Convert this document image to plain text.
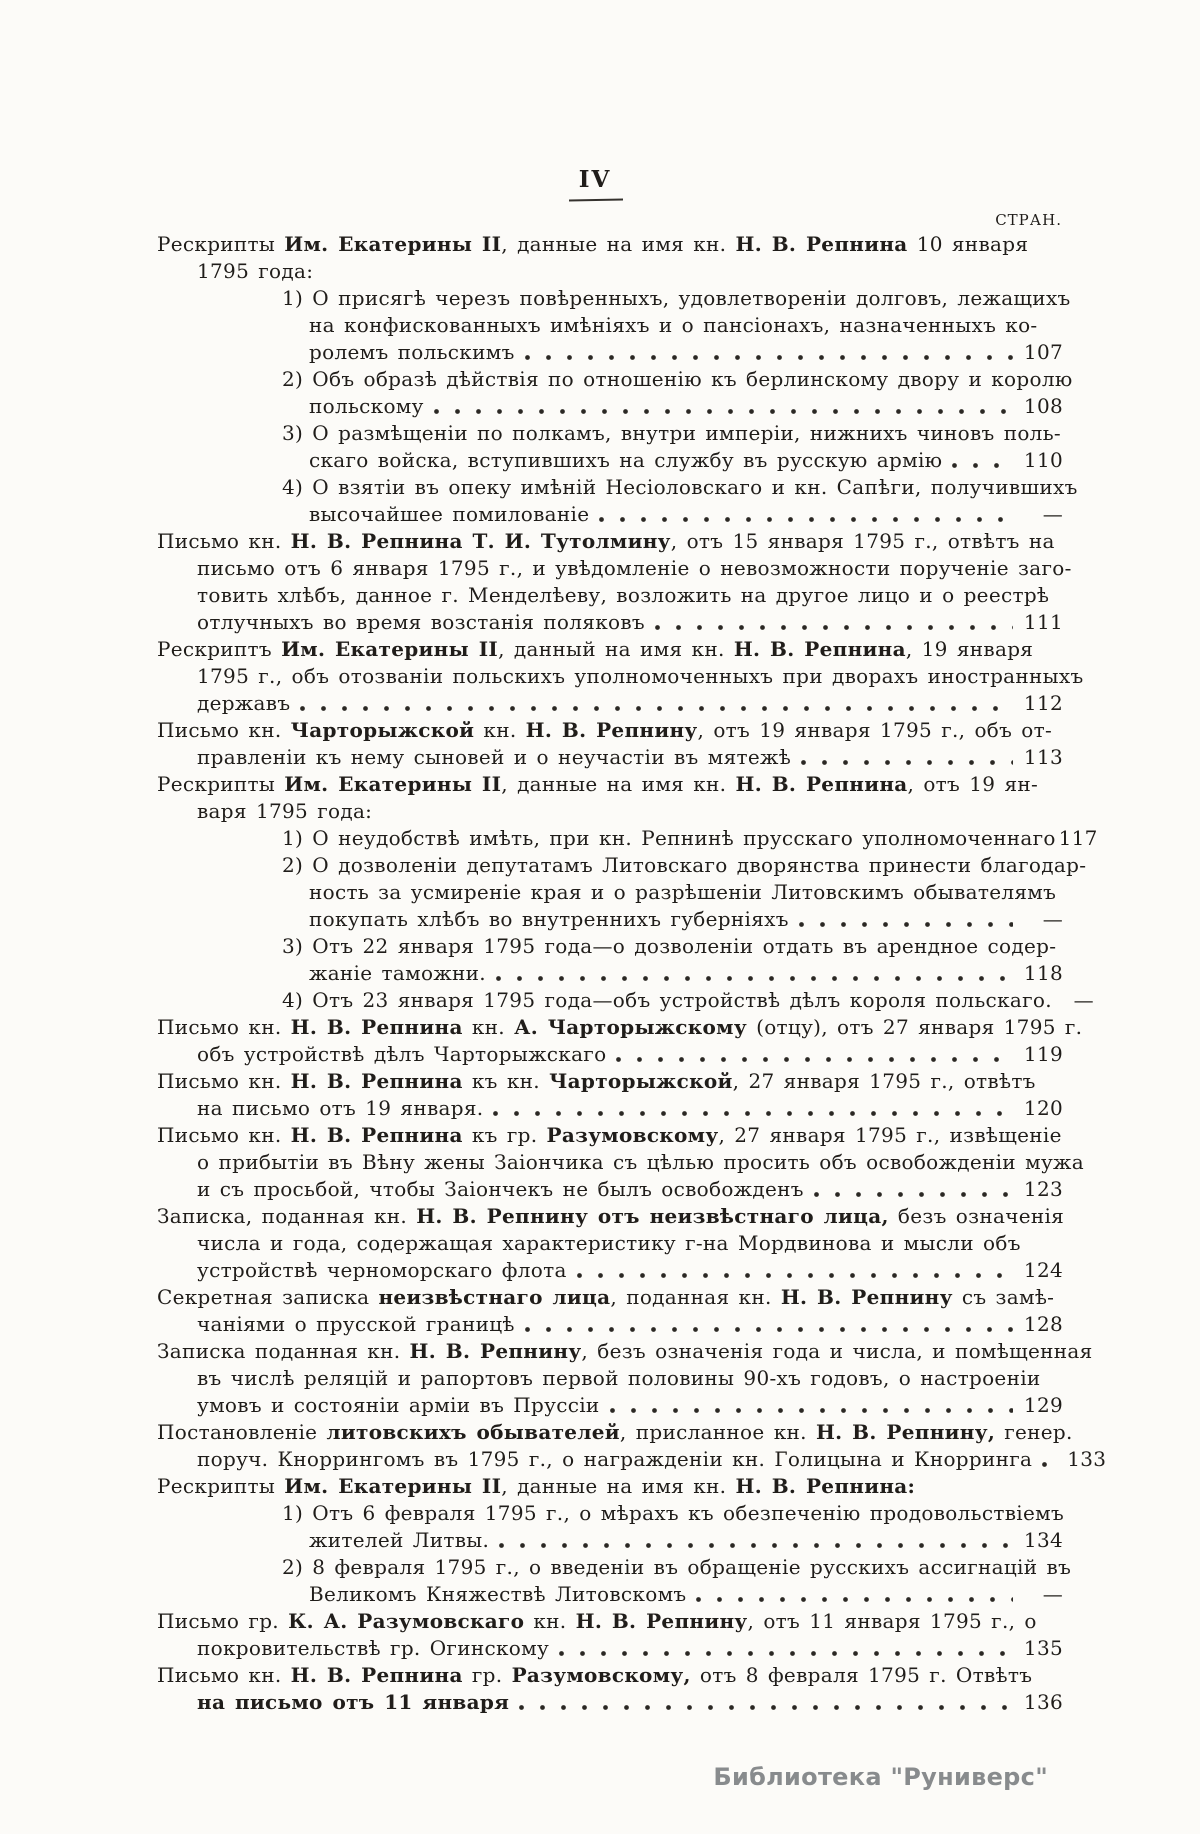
IV
СТРАН.
Рескрипты Им. Екатерины II, данные на имя кн. Н. В. Репнина 10 января
1795 года:
1) О присягѣ черезъ повѣренныхъ, удовлетвореніи долговъ, лежащихъ
на конфискованныхъ имѣніяхъ и о пансіонахъ, назначенныхъ ко-
ролемъ польскимъ	107
2) Объ образѣ дѣйствія по отношенію къ берлинскому двору и королю
польскому	108
3) О размѣщеніи по полкамъ, внутри имперіи, нижнихъ чиновъ поль-
скаго войска, вступившихъ на службу въ русскую армію	110
4) О взятіи въ опеку имѣній Несіоловскаго и кн. Сапѣги, получившихъ
высочайшее помилованіе	—
Письмо кн. Н. В. Репнина Т. И. Тутолмину, отъ 15 января 1795 г., отвѣтъ на
письмо отъ 6 января 1795 г., и увѣдомленіе о невозможности порученіе заго-
товить хлѣбъ, данное г. Менделѣеву, возложить на другое лицо и о реестрѣ
отлучныхъ во время возстанія поляковъ	111
Рескриптъ Им. Екатерины II, данный на имя кн. Н. В. Репнина, 19 января
1795 г., объ отозваніи польскихъ уполномоченныхъ при дворахъ иностранныхъ
державъ	112
Письмо кн. Чарторыжской кн. Н. В. Репнину, отъ 19 января 1795 г., объ от-
правленіи къ нему сыновей и о неучастіи въ мятежѣ	113
Рескрипты Им. Екатерины II, данные на имя кн. Н. В. Репнина, отъ 19 ян-
варя 1795 года:
1) О неудобствѣ имѣть, при кн. Репнинѣ прусскаго уполномоченнаго 117
2) О дозволеніи депутатамъ Литовскаго дворянства принести благодар-
ность за усмиреніе края и о разрѣшеніи Литовскимъ обывателямъ
покупать хлѣбъ во внутреннихъ губерніяхъ	—
3) Отъ 22 января 1795 года—о дозволеніи отдать въ арендное содер-
жаніе таможни.	118
4) Отъ 23 января 1795 года—объ устройствѣ дѣлъ короля польскаго.	—
Письмо кн. Н. В. Репнина кн. А. Чарторыжскому (отцу), отъ 27 января 1795 г.
объ устройствѣ дѣлъ Чарторыжскаго	119
Письмо кн. Н. В. Репнина къ кн. Чарторыжской, 27 января 1795 г., отвѣтъ
на письмо отъ 19 января.	120
Письмо кн. Н. В. Репнина къ гр. Разумовскому, 27 января 1795 г., извѣщеніе
о прибытіи въ Вѣну жены Заіончика съ цѣлью просить объ освобожденіи мужа
и съ просьбой, чтобы Заіончекъ не былъ освобожденъ	123
Записка, поданная кн. Н. В. Репнину отъ неизвѣстнаго лица, безъ означенія
числа и года, содержащая характеристику г-на Мордвинова и мысли объ
устройствѣ черноморскаго флота	124
Секретная записка неизвѣстнаго лица, поданная кн. Н. В. Репнину съ замѣ-
чаніями о прусской границѣ	128
Записка поданная кн. Н. В. Репнину, безъ означенія года и числа, и помѣщенная
въ числѣ реляцій и рапортовъ первой половины 90-хъ годовъ, о настроеніи
умовъ и состояніи арміи въ Пруссіи	129
Постановленіе литовскихъ обывателей, присланное кн. Н. В. Репнину, генер.
поруч. Кноррингомъ въ 1795 г., о награжденіи кн. Голицына и Кнорринга 133
Рескрипты Им. Екатерины II, данные на имя кн. Н. В. Репнина:
1) Отъ 6 февраля 1795 г., о мѣрахъ къ обезпеченію продовольствіемъ
жителей Литвы.	134
2) 8 февраля 1795 г., о введеніи въ обращеніе русскихъ ассигнацій въ
Великомъ Княжествѣ Литовскомъ	—
Письмо гр. К. А. Разумовскаго кн. Н. В. Репнину, отъ 11 января 1795 г., о
покровительствѣ гр. Огинскому	135
Письмо кн. Н. В. Репнина гр. Разумовскому, отъ 8 февраля 1795 г. Отвѣтъ
на письмо отъ 11 января	136
Библиотека "Руниверс"
